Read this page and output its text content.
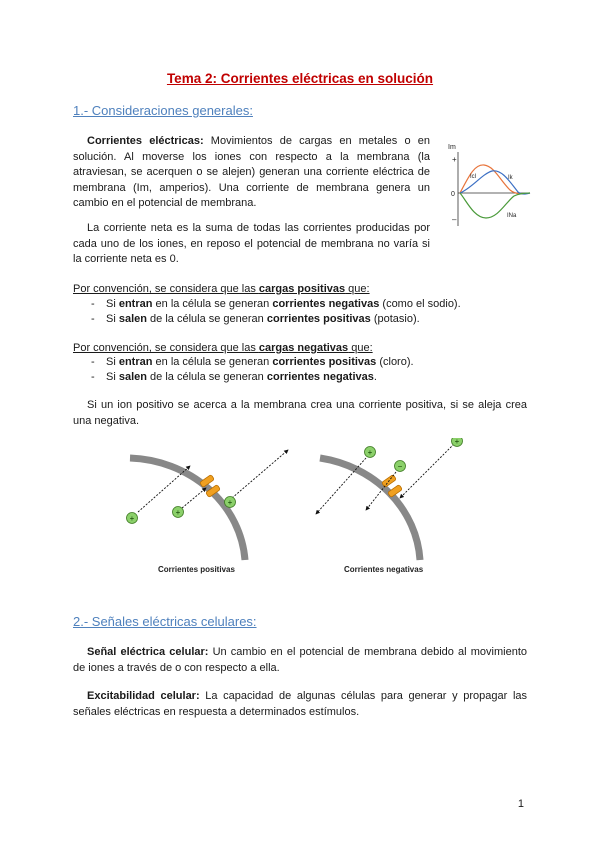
Tema 2: Corrientes eléctricas en solución
1.- Consideraciones generales:

Corrientes eléctricas: Movimientos de cargas en metales o en solución. Al moverse los iones con respecto a la membrana (la atraviesan, se acerquen o se alejen) generan una corriente eléctrica de membrana (Im, amperios). Una corriente de membrana genera un cambio en el potencial de membrana.

La corriente neta es la suma de todas las corrientes producidas por cada uno de los iones, en reposo el potencial de membrana no varía si la corriente neta es 0.

Im
+
0
–
Icl	Ik
INa
Por convención, se considera que las cargas positivas que:
- Si entran en la célula se generan corrientes negativas (como el sodio).
- Si salen de la célula se generan corrientes positivas (potasio).
Por convención, se considera que las cargas negativas que:
- Si entran en la célula se generan corrientes positivas (cloro).
- Si salen de la célula se generan corrientes negativas.

Si un ion positivo se acerca a la membrana crea una corriente positiva, si se aleja crea una negativa.

+
+
+
Corrientes positivas
+
−
+
Corrientes negativas
2.- Señales eléctricas celulares:

Señal eléctrica celular: Un cambio en el potencial de membrana debido al movimiento de iones a través de o con respecto a ella.

Excitabilidad celular: La capacidad de algunas células para generar y propagar las señales eléctricas en respuesta a determinados estímulos.

1
